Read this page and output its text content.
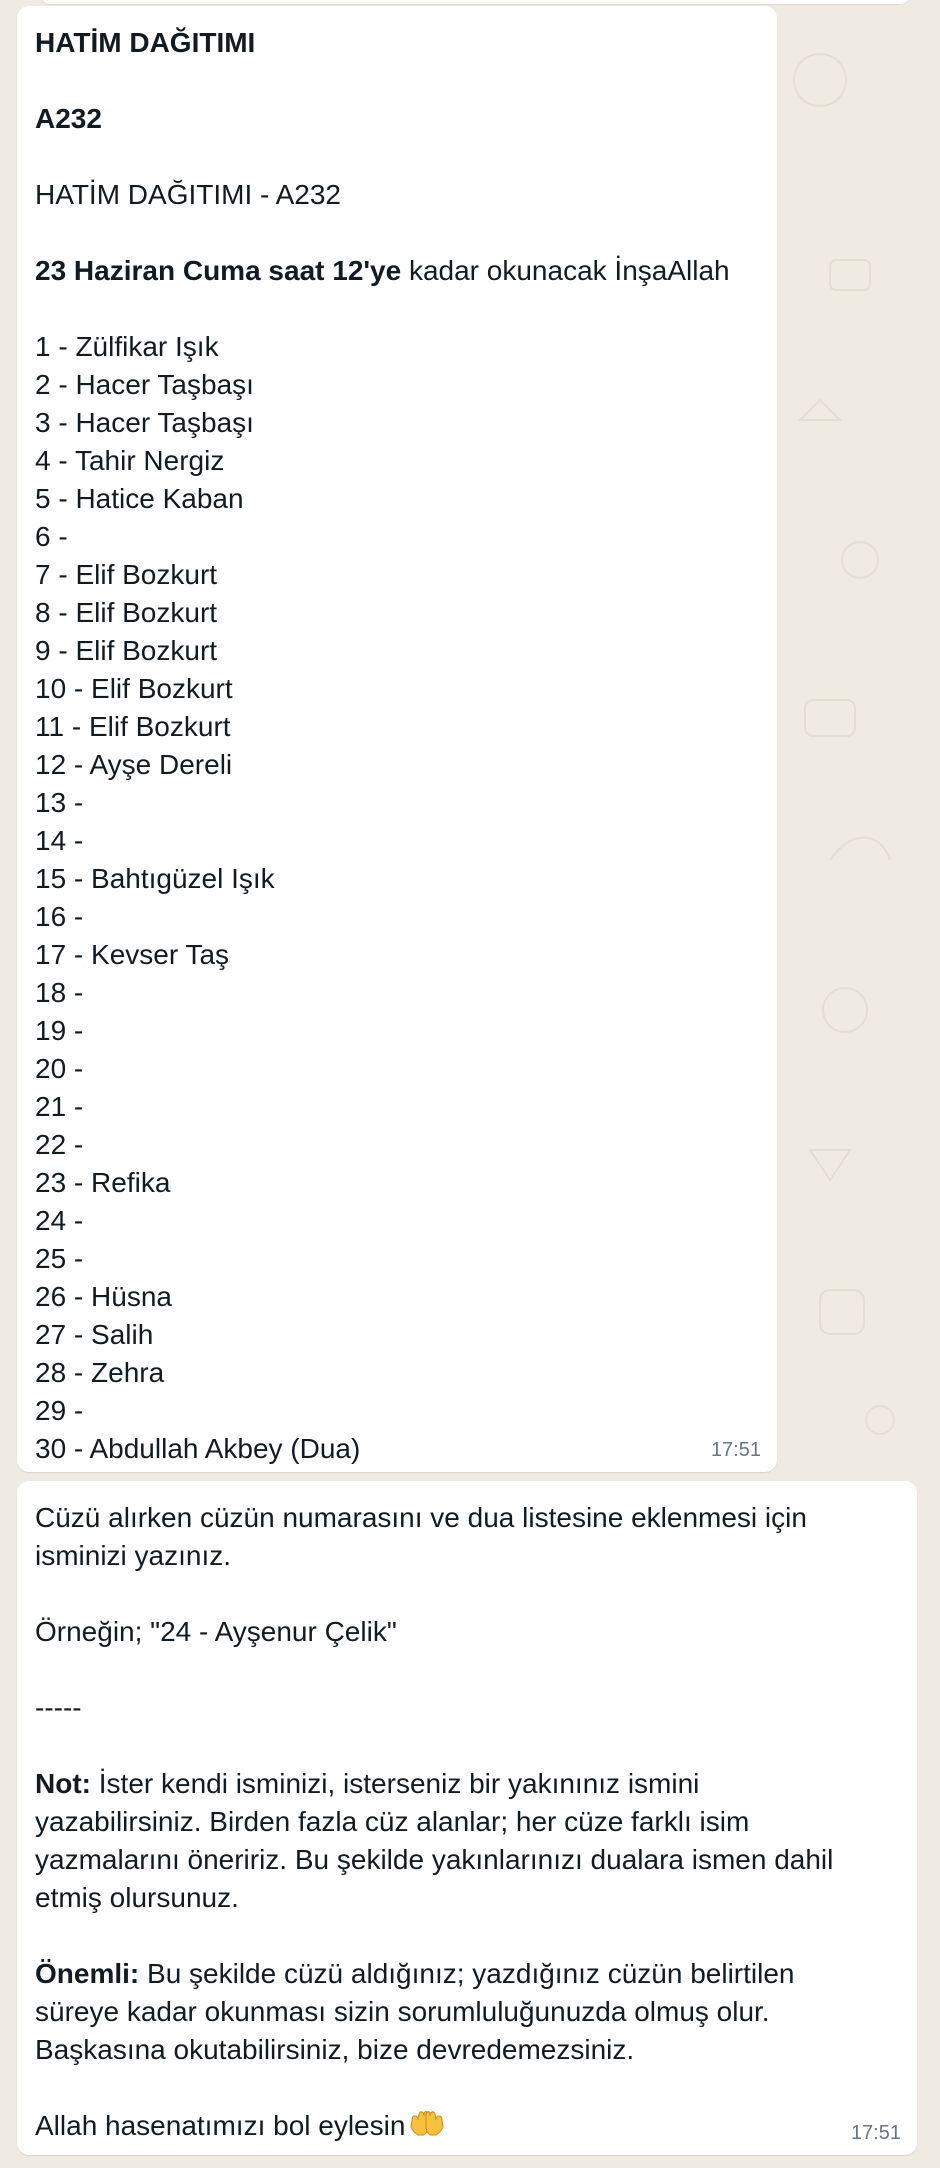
HATİM DAĞITIMI
A232
HATİM DAĞITIMI - A232
23 Haziran Cuma saat 12'ye kadar okunacak İnşaAllah
1 - Zülfikar Işık
2 - Hacer Taşbaşı
3 - Hacer Taşbaşı
4 - Tahir Nergiz
5 - Hatice Kaban
6 -
7 - Elif Bozkurt
8 - Elif Bozkurt
9 - Elif Bozkurt
10 - Elif Bozkurt
11 - Elif Bozkurt
12 - Ayşe Dereli
13 -
14 -
15 - Bahtıgüzel Işık
16 -
17 - Kevser Taş
18 -
19 -
20 -
21 -
22 -
23 - Refika
24 -
25 -
26 - Hüsna
27 - Salih
28 - Zehra
29 -
30 - Abdullah Akbey (Dua)	17:51
Cüzü alırken cüzün numarasını ve dua listesine eklenmesi için
isminizi yazınız.
Örneğin; "24 - Ayşenur Çelik"
-----
Not: İster kendi isminizi, isterseniz bir yakınınız ismini
yazabilirsiniz. Birden fazla cüz alanlar; her cüze farklı isim
yazmalarını öneririz. Bu şekilde yakınlarınızı dualara ismen dahil
etmiş olursunuz.
Önemli: Bu şekilde cüzü aldığınız; yazdığınız cüzün belirtilen
süreye kadar okunması sizin sorumluluğunuzda olmuş olur.
Başkasına okutabilirsiniz, bize devredemezsiniz.
Allah hasenatımızı bol eylesin	17:51
